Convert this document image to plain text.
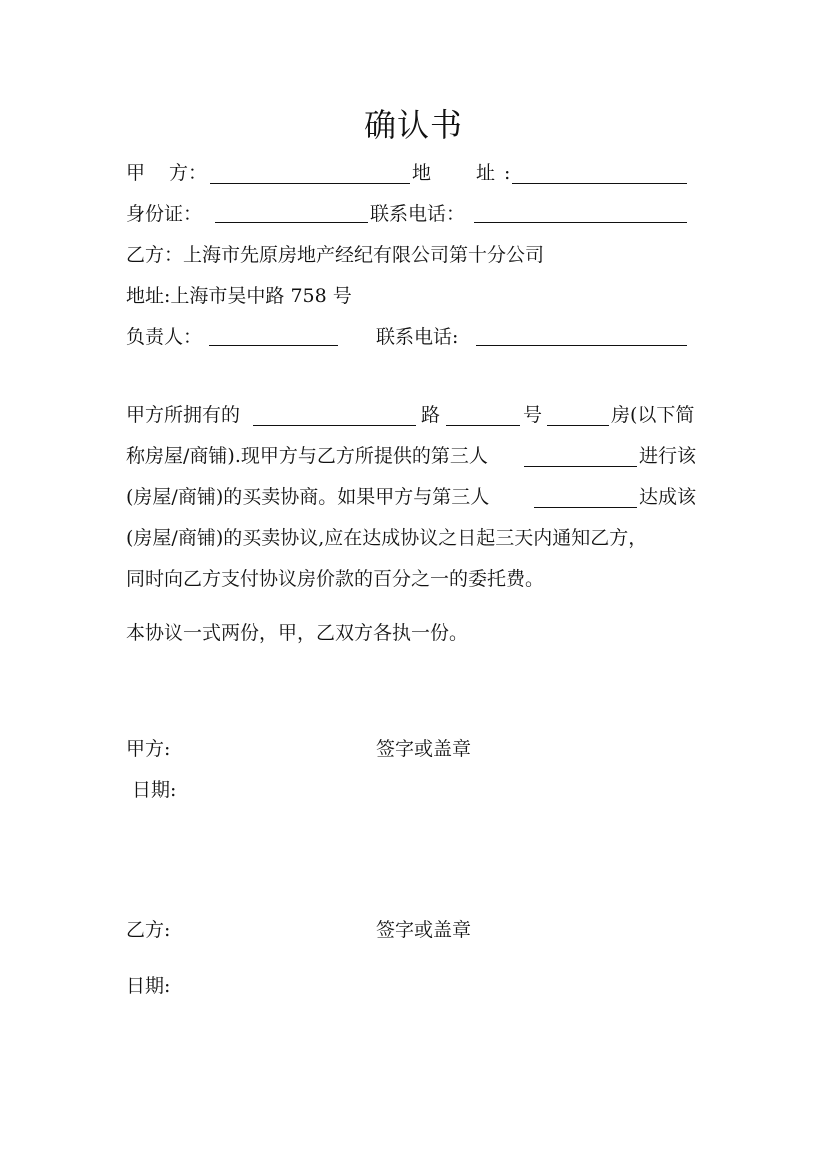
确认书
甲 方：	地 址 :
身份证：	联系电话：
乙方：上海市先原房地产经纪有限公司第十分公司
地址:上海市吴中路 758 号
负责人：	联系电话:
甲方所拥有的	路	号	房(以下简
称房屋/商铺).现甲方与乙方所提供的第三人	进行该
(房屋/商铺)的买卖协商。如果甲方与第三人	达成该
(房屋/商铺)的买卖协议,应在达成协议之日起三天内通知乙方，
同时向乙方支付协议房价款的百分之一的委托费。
本协议一式两份，甲，乙双方各执一份。
甲方:	签字或盖章
日期:
乙方:	签字或盖章
日期:
